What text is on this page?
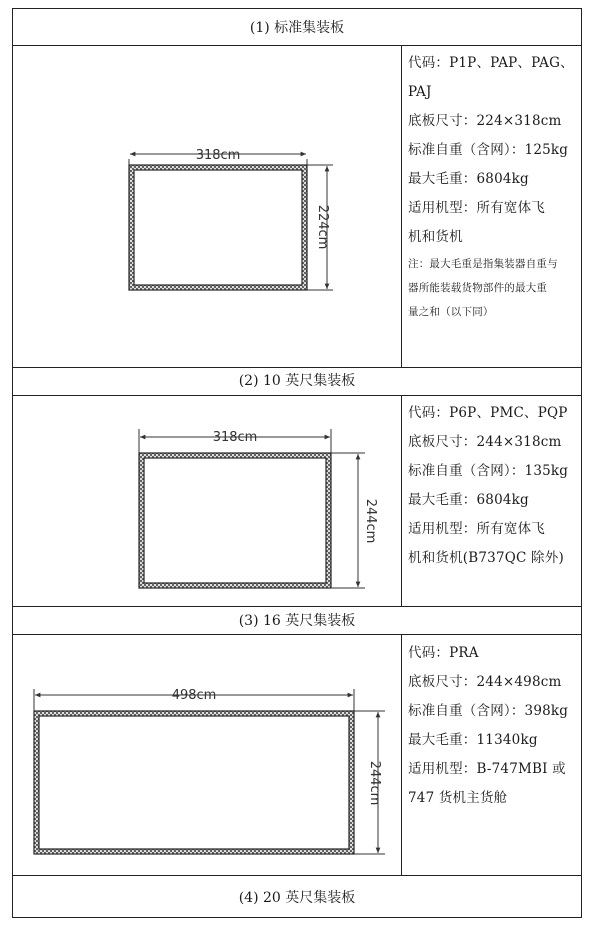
(1) 标准集装板
(2) 10 英尺集装板
(3) 16 英尺集装板
(4) 20 英尺集装板
代码：P1P、PAP、PAG、
PAJ
底板尺寸：224×318cm
标准自重（含网）：125kg
最大毛重：6804kg
适用机型：所有宽体飞
机和货机
注：最大毛重是指集装器自重与
器所能装载货物部件的最大重
量之和（以下同）
代码：P6P、PMC、PQP
底板尺寸：244×318cm
标准自重（含网）：135kg
最大毛重：6804kg
适用机型：所有宽体飞
机和货机(B737QC 除外)
代码：PRA
底板尺寸：244×498cm
标准自重（含网）：398kg
最大毛重：11340kg
适用机型：B-747MBI 或
747 货机主货舱
318cm
224cm
318cm
244cm
498cm
244cm
